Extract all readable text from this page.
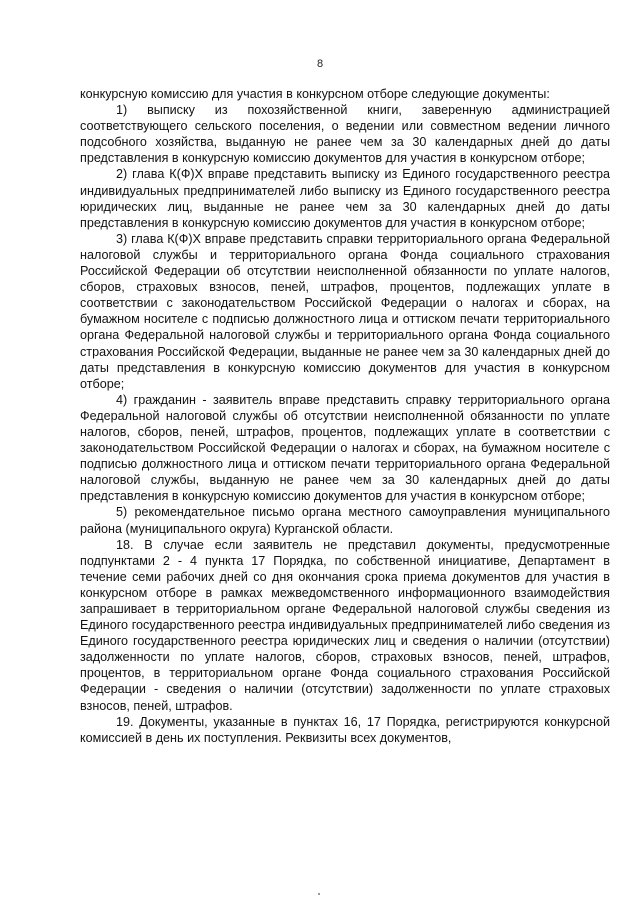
8

конкурсную комиссию для участия в конкурсном отборе следующие документы:

1) выписку из похозяйственной книги, заверенную администрацией соответствующего сельского поселения, о ведении или совместном ведении личного подсобного хозяйства, выданную не ранее чем за 30 календарных дней до даты представления в конкурсную комиссию документов для участия в конкурсном отборе;

2) глава К(Ф)Х вправе представить выписку из Единого государственного реестра индивидуальных предпринимателей либо выписку из Единого государственного реестра юридических лиц, выданные не ранее чем за 30 календарных дней до даты представления в конкурсную комиссию документов для участия в конкурсном отборе;

3) глава К(Ф)Х вправе представить справки территориального органа Федеральной налоговой службы и территориального органа Фонда социального страхования Российской Федерации об отсутствии неисполненной обязанности по уплате налогов, сборов, страховых взносов, пеней, штрафов, процентов, подлежащих уплате в соответствии с законодательством Российской Федерации о налогах и сборах, на бумажном носителе с подписью должностного лица и оттиском печати территориального органа Федеральной налоговой службы и территориального органа Фонда социального страхования Российской Федерации, выданные не ранее чем за 30 календарных дней до даты представления в конкурсную комиссию документов для участия в конкурсном отборе;

4) гражданин - заявитель вправе представить справку территориального органа Федеральной налоговой службы об отсутствии неисполненной обязанности по уплате налогов, сборов, пеней, штрафов, процентов, подлежащих уплате в соответствии с законодательством Российской Федерации о налогах и сборах, на бумажном носителе с подписью должностного лица и оттиском печати территориального органа Федеральной налоговой службы, выданную не ранее чем за 30 календарных дней до даты представления в конкурсную комиссию документов для участия в конкурсном отборе;

5) рекомендательное письмо органа местного самоуправления муниципального района (муниципального округа) Курганской области.

18. В случае если заявитель не представил документы, предусмотренные подпунктами 2 - 4 пункта 17 Порядка, по собственной инициативе, Департамент в течение семи рабочих дней со дня окончания срока приема документов для участия в конкурсном отборе в рамках межведомственного информационного взаимодействия запрашивает в территориальном органе Федеральной налоговой службы сведения из Единого государственного реестра индивидуальных предпринимателей либо сведения из Единого государственного реестра юридических лиц и сведения о наличии (отсутствии) задолженности по уплате налогов, сборов, страховых взносов, пеней, штрафов, процентов, в территориальном органе Фонда социального страхования Российской Федерации - сведения о наличии (отсутствии) задолженности по уплате страховых взносов, пеней, штрафов.

19. Документы, указанные в пунктах 16, 17 Порядка, регистрируются конкурсной комиссией в день их поступления. Реквизиты всех документов,
